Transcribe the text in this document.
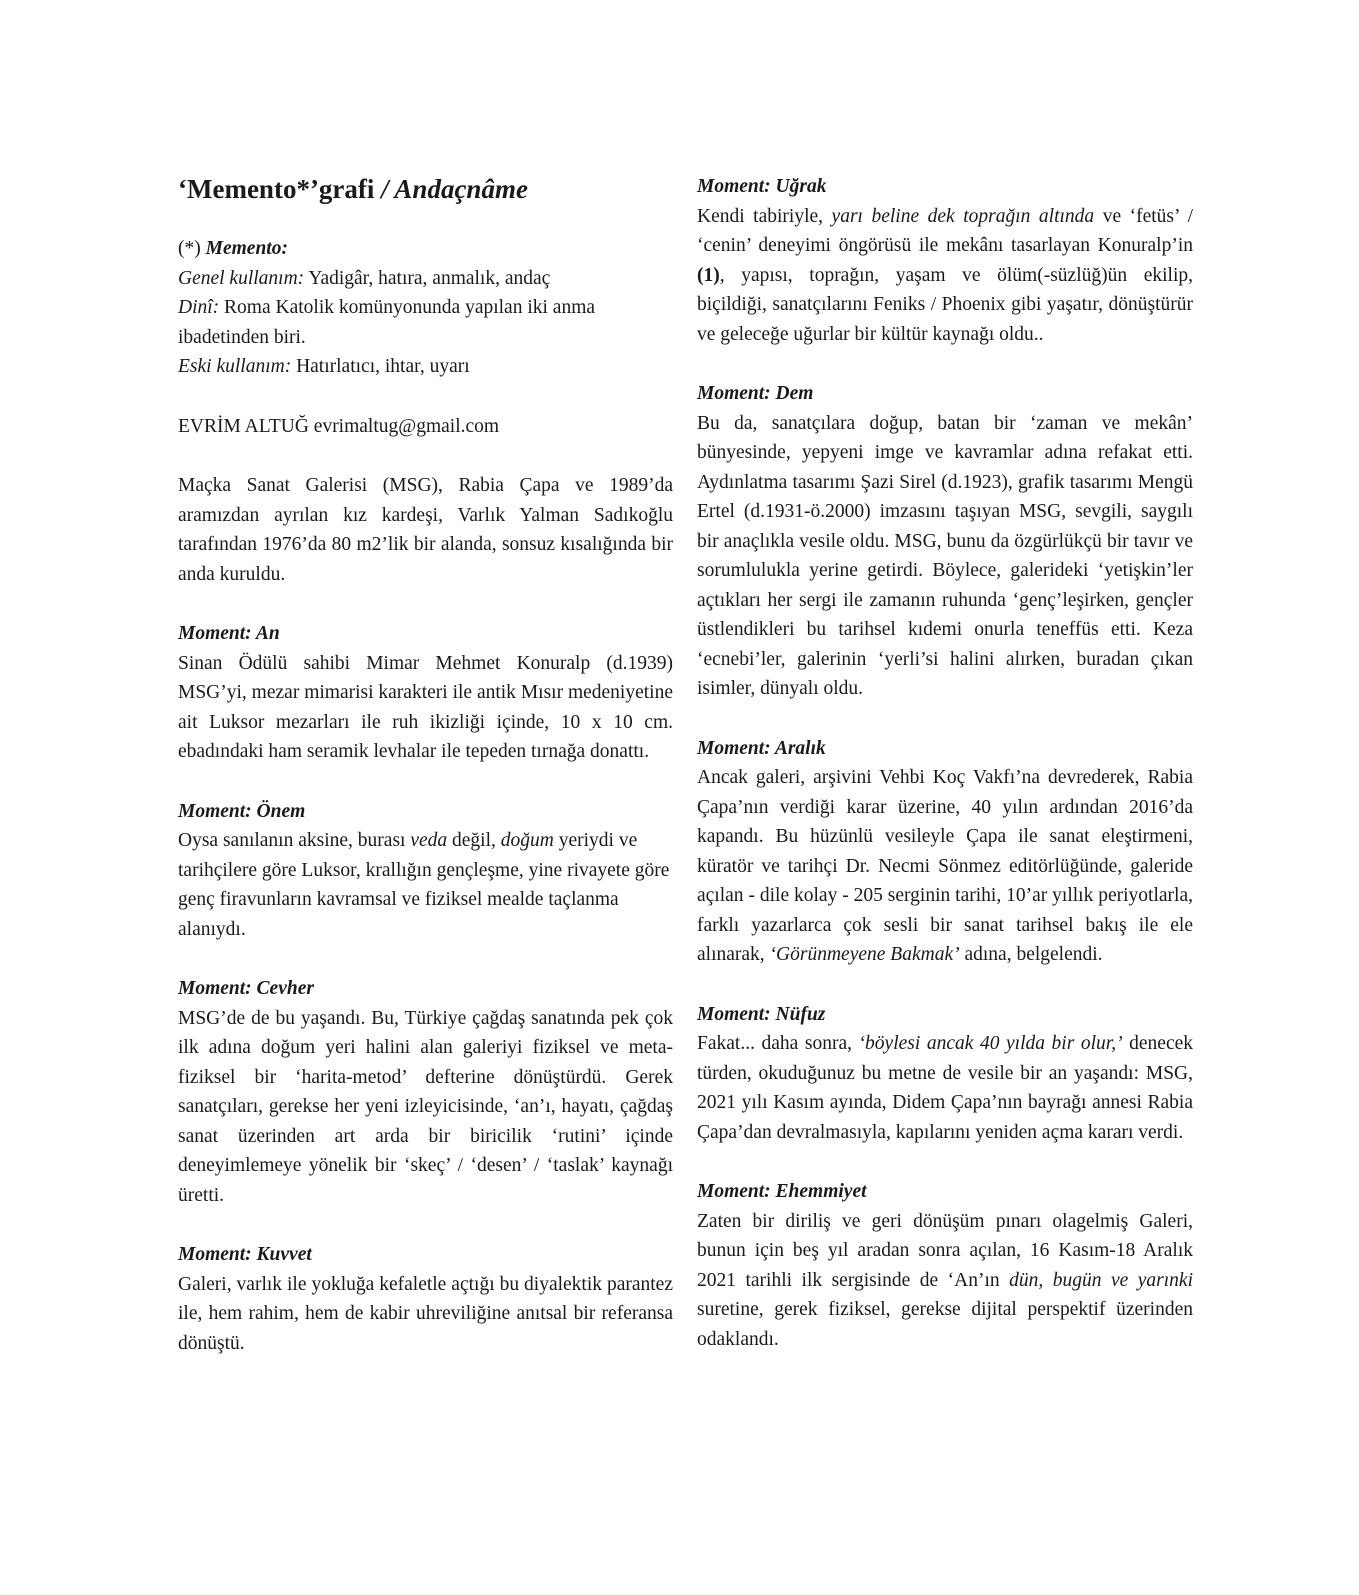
‘Memento*’grafi / Andaçnâme

(*) Memento:

Genel kullanım: Yadigâr, hatıra, anmalık, andaç

Dinî: Roma Katolik komünyonunda yapılan iki anma ibadetinden biri.

Eski kullanım: Hatırlatıcı, ihtar, uyarı

EVRİM ALTUĞ evrimaltug@gmail.com

Maçka Sanat Galerisi (MSG), Rabia Çapa ve 1989’da aramızdan ayrılan kız kardeşi, Varlık Yalman Sadıkoğlu tarafından 1976’da 80 m2’lik bir alanda, sonsuz kısalığında bir anda kuruldu.

Moment: An

Sinan Ödülü sahibi Mimar Mehmet Konuralp (d.1939) MSG’yi, mezar mimarisi karakteri ile antik Mısır medeniyetine ait Luksor mezarları ile ruh ikizliği içinde, 10 x 10 cm. ebadındaki ham seramik levhalar ile tepeden tırnağa donattı.

Moment: Önem

Oysa sanılanın aksine, burası veda değil, doğum yeriydi ve tarihçilere göre Luksor, krallığın gençleşme, yine rivayete göre genç firavunların kavramsal ve fiziksel mealde taçlanma alanıydı.

Moment: Cevher

MSG’de de bu yaşandı. Bu, Türkiye çağdaş sanatında pek çok ilk adına doğum yeri halini alan galeriyi fiziksel ve meta-fiziksel bir ‘harita-metod’ defterine dönüştürdü. Gerek sanatçıları, gerekse her yeni izleyicisinde, ‘an’ı, hayatı, çağdaş sanat üzerinden art arda bir biricilik ‘rutini’ içinde deneyimlemeye yönelik bir ‘skeç’ / ‘desen’ / ‘taslak’ kaynağı üretti.

Moment: Kuvvet

Galeri, varlık ile yokluğa kefaletle açtığı bu diyalektik parantez ile, hem rahim, hem de kabir uhreviliğine anıtsal bir referansa dönüştü.

Moment: Uğrak

Kendi tabiriyle, yarı beline dek toprağın altında ve ‘fetüs’ / ‘cenin’ deneyimi öngörüsü ile mekânı tasarlayan Konuralp’in (1), yapısı, toprağın, yaşam ve ölüm(-süzlüğ)ün ekilip, biçildiği, sanatçılarını Feniks / Phoenix gibi yaşatır, dönüştürür ve geleceğe uğurlar bir kültür kaynağı oldu..

Moment: Dem

Bu da, sanatçılara doğup, batan bir ‘zaman ve mekân’ bünyesinde, yepyeni imge ve kavramlar adına refakat etti. Aydınlatma tasarımı Şazi Sirel (d.1923), grafik tasarımı Mengü Ertel (d.1931-ö.2000) imzasını taşıyan MSG, sevgili, saygılı bir anaçlıkla vesile oldu. MSG, bunu da özgürlükçü bir tavır ve sorumlulukla yerine getirdi. Böylece, galerideki ‘yetişkin’ler açtıkları her sergi ile zamanın ruhunda ‘genç’leşirken, gençler üstlendikleri bu tarihsel kıdemi onurla teneffüs etti. Keza ‘ecnebi’ler, galerinin ‘yerli’si halini alırken, buradan çıkan isimler, dünyalı oldu.

Moment: Aralık

Ancak galeri, arşivini Vehbi Koç Vakfı’na devrederek, Rabia Çapa’nın verdiği karar üzerine, 40 yılın ardından 2016’da kapandı. Bu hüzünlü vesileyle Çapa ile sanat eleştirmeni, küratör ve tarihçi Dr. Necmi Sönmez editörlüğünde, galeride açılan - dile kolay - 205 serginin tarihi, 10’ar yıllık periyotlarla, farklı yazarlarca çok sesli bir sanat tarihsel bakış ile ele alınarak, ‘Görünmeyene Bakmak’ adına, belgelendi.

Moment: Nüfuz

Fakat... daha sonra, ‘böylesi ancak 40 yılda bir olur,’ denecek türden, okuduğunuz bu metne de vesile bir an yaşandı: MSG, 2021 yılı Kasım ayında, Didem Çapa’nın bayrağı annesi Rabia Çapa’dan devralmasıyla, kapılarını yeniden açma kararı verdi.

Moment: Ehemmiyet

Zaten bir diriliş ve geri dönüşüm pınarı olagelmiş Galeri, bunun için beş yıl aradan sonra açılan, 16 Kasım-18 Aralık 2021 tarihli ilk sergisinde de ‘An’ın dün, bugün ve yarınki suretine, gerek fiziksel, gerekse dijital perspektif üzerinden odaklandı.
